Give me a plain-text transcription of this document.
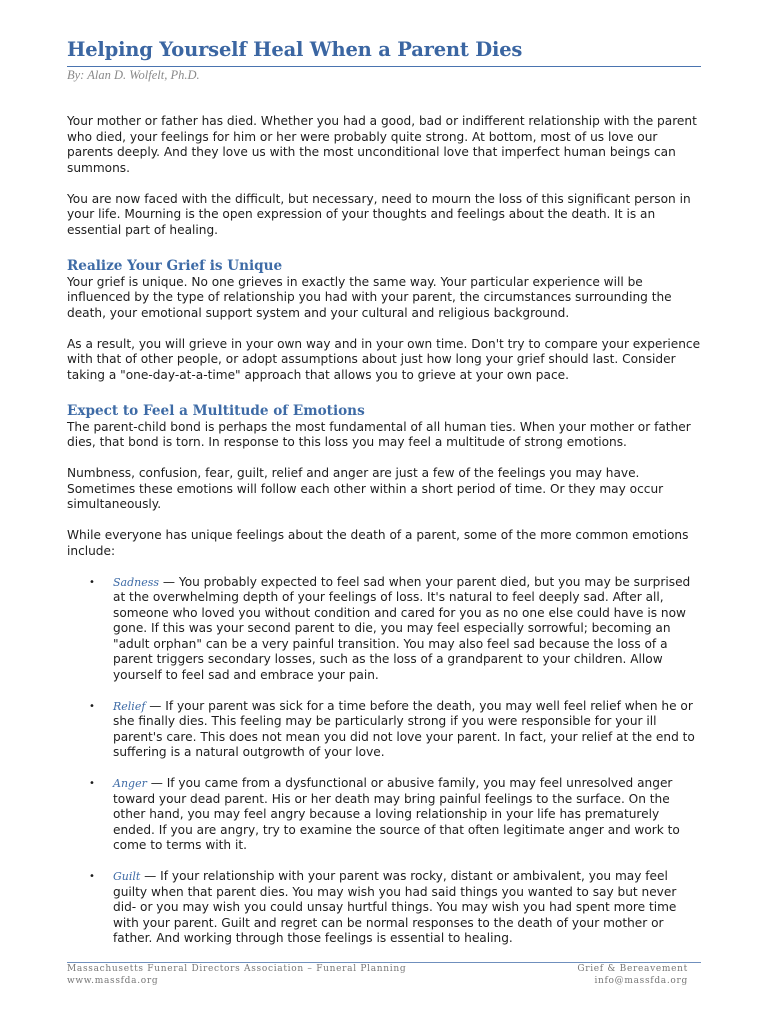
Helping Yourself Heal When a Parent Dies
By: Alan D. Wolfelt, Ph.D.

Your mother or father has died. Whether you had a good, bad or indifferent relationship with the parent who died, your feelings for him or her were probably quite strong. At bottom, most of us love our parents deeply. And they love us with the most unconditional love that imperfect human beings can summons.

You are now faced with the difficult, but necessary, need to mourn the loss of this significant person in your life. Mourning is the open expression of your thoughts and feelings about the death. It is an essential part of healing.

Realize Your Grief is Unique

Your grief is unique. No one grieves in exactly the same way. Your particular experience will be influenced by the type of relationship you had with your parent, the circumstances surrounding the death, your emotional support system and your cultural and religious background.

As a result, you will grieve in your own way and in your own time. Don't try to compare your experience with that of other people, or adopt assumptions about just how long your grief should last. Consider taking a "one-day-at-a-time" approach that allows you to grieve at your own pace.

Expect to Feel a Multitude of Emotions

The parent-child bond is perhaps the most fundamental of all human ties. When your mother or father dies, that bond is torn. In response to this loss you may feel a multitude of strong emotions.

Numbness, confusion, fear, guilt, relief and anger are just a few of the feelings you may have. Sometimes these emotions will follow each other within a short period of time. Or they may occur simultaneously.

While everyone has unique feelings about the death of a parent, some of the more common emotions include:

• Sadness — You probably expected to feel sad when your parent died, but you may be surprised at the overwhelming depth of your feelings of loss. It's natural to feel deeply sad. After all, someone who loved you without condition and cared for you as no one else could have is now gone. If this was your second parent to die, you may feel especially sorrowful; becoming an "adult orphan" can be a very painful transition. You may also feel sad because the loss of a parent triggers secondary losses, such as the loss of a grandparent to your children. Allow yourself to feel sad and embrace your pain.
• Relief — If your parent was sick for a time before the death, you may well feel relief when he or she finally dies. This feeling may be particularly strong if you were responsible for your ill parent's care. This does not mean you did not love your parent. In fact, your relief at the end to suffering is a natural outgrowth of your love.
• Anger — If you came from a dysfunctional or abusive family, you may feel unresolved anger toward your dead parent. His or her death may bring painful feelings to the surface. On the other hand, you may feel angry because a loving relationship in your life has prematurely ended. If you are angry, try to examine the source of that often legitimate anger and work to come to terms with it.
• Guilt — If your relationship with your parent was rocky, distant or ambivalent, you may feel guilty when that parent dies. You may wish you had said things you wanted to say but never did- or you may wish you could unsay hurtful things. You may wish you had spent more time with your parent. Guilt and regret can be normal responses to the death of your mother or father. And working through those feelings is essential to healing.
Massachusetts Funeral Directors Association – Funeral Planning
www.massfda.org
Grief & Bereavement
info@massfda.org
